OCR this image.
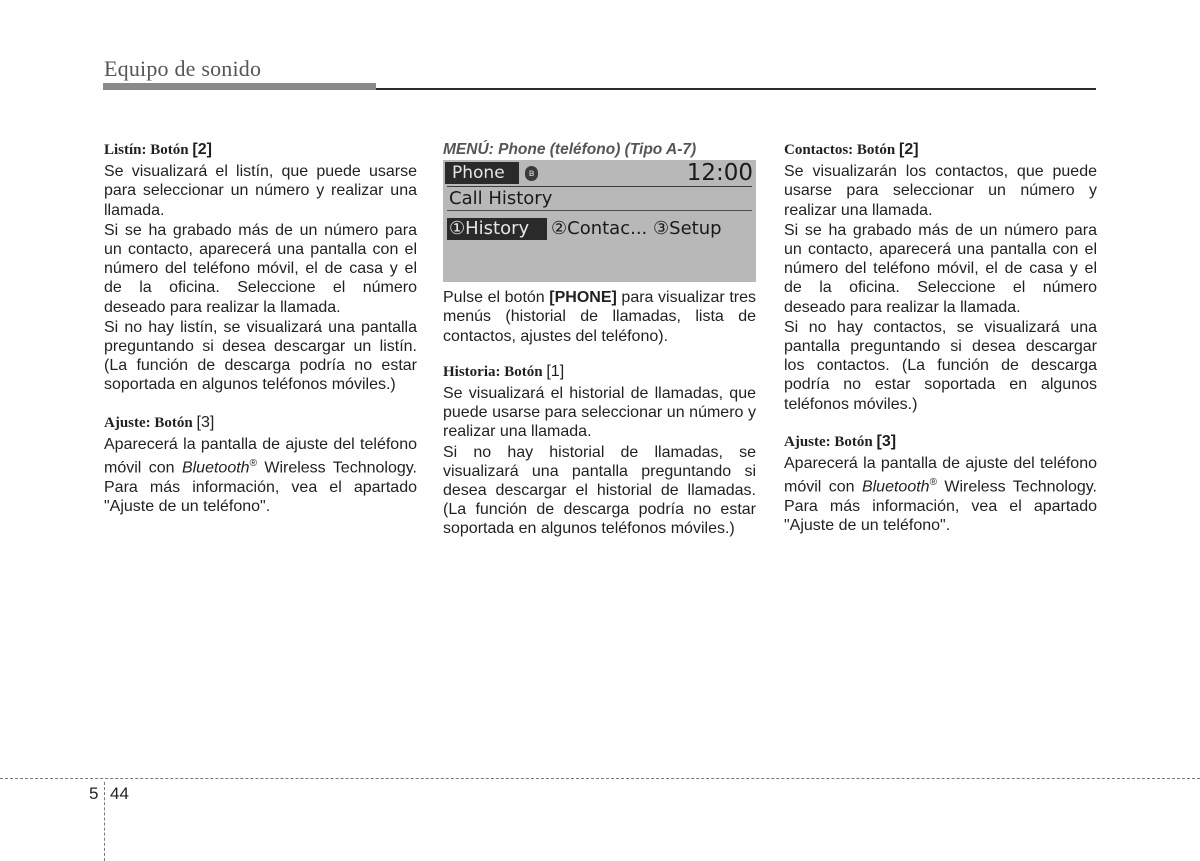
Equipo de sonido

Listín: Botón [2]

Se visualizará el listín, que puede usarse para seleccionar un número y realizar una llamada.

Si se ha grabado más de un número para un contacto, aparecerá una pantalla con el número del teléfono móvil, el de casa y el de la oficina. Seleccione el número deseado para realizar la llamada.

Si no hay listín, se visualizará una pantalla preguntando si desea descargar un listín. (La función de descarga podría no estar soportada en algunos teléfonos móviles.)

Ajuste: Botón [3]

Aparecerá la pantalla de ajuste del teléfono móvil con Bluetooth® Wireless Technology. Para más información, vea el apartado "Ajuste de un teléfono".

MENÚ: Phone (teléfono) (Tipo A-7)

Phone	ʙ	12:00
Call History
①History	②Contac... ③Setup

Pulse el botón [PHONE] para visualizar tres menús (historial de llamadas, lista de contactos, ajustes del teléfono).

Historia: Botón [1]

Se visualizará el historial de llamadas, que puede usarse para seleccionar un número y realizar una llamada.

Si no hay historial de llamadas, se visualizará una pantalla preguntando si desea descargar el historial de llamadas. (La función de descarga podría no estar soportada en algunos teléfonos móviles.)

Contactos: Botón [2]

Se visualizarán los contactos, que puede usarse para seleccionar un número y realizar una llamada.

Si se ha grabado más de un número para un contacto, aparecerá una pantalla con el número del teléfono móvil, el de casa y el de la oficina. Seleccione el número deseado para realizar la llamada.

Si no hay contactos, se visualizará una pantalla preguntando si desea descargar los contactos. (La función de descarga podría no estar soportada en algunos teléfonos móviles.)

Ajuste: Botón [3]

Aparecerá la pantalla de ajuste del teléfono móvil con Bluetooth® Wireless Technology. Para más información, vea el apartado "Ajuste de un teléfono".

5 44
